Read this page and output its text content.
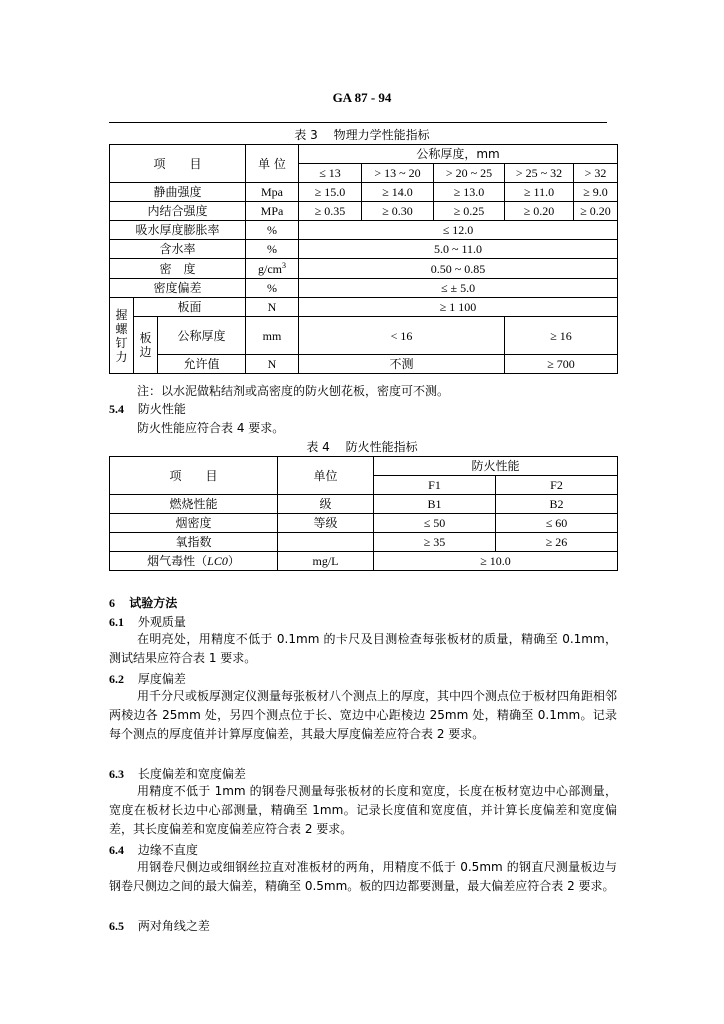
GA 87 - 94
表 3　 物理力学性能指标
项　　目			单 位	公称厚度，mm				
				≤ 13	> 13 ~ 20	> 20 ~ 25	> 25 ~ 32	> 32
静曲强度			Mpa	≥ 15.0	≥ 14.0	≥ 13.0	≥ 11.0	≥ 9.0
内结合强度			MPa	≥ 0.35	≥ 0.30	≥ 0.25	≥ 0.20	≥ 0.20
吸水厚度膨胀率			%	≤ 12.0				
含水率			%	5.0 ~ 11.0				
密　度			$g/cm^3$	0.50 ~ 0.85				
密度偏差			%	≤ ± 5.0				
握螺钉力	板面		N	≥ 1 100				
	板边	公称厚度	mm	< 16			≥ 16	

		允许值	N	不测			≥ 700	
注：以水泥做粘结剂或高密度的防火刨花板，密度可不测。
5.4 防火性能
防火性能应符合表 4 要求。
表 4　 防火性能指标
项　　目	单位	防火性能	
		F1	F2
燃烧性能	级	B1	B2
烟密度	等级	≤ 50	≤ 60
氧指数		≥ 35	≥ 26
烟气毒性（LC0）	mg/L	≥ 10.0	
6 试验方法
6.1 外观质量

在明亮处，用精度不低于 0.1mm 的卡尺及目测检查每张板材的质量，精确至 0.1mm，测试结果应符合表 1 要求。

6.2 厚度偏差

用千分尺或板厚测定仪测量每张板材八个测点上的厚度，其中四个测点位于板材四角距相邻两棱边各 25mm 处，另四个测点位于长、宽边中心距棱边 25mm 处，精确至 0.1mm。记录每个测点的厚度值并计算厚度偏差，其最大厚度偏差应符合表 2 要求。

6.3 长度偏差和宽度偏差

用精度不低于 1mm 的钢卷尺测量每张板材的长度和宽度，长度在板材宽边中心部测量，宽度在板材长边中心部测量，精确至 1mm。记录长度值和宽度值，并计算长度偏差和宽度偏差，其长度偏差和宽度偏差应符合表 2 要求。

6.4 边缘不直度

用钢卷尺侧边或细钢丝拉直对准板材的两角，用精度不低于 0.5mm 的钢直尺测量板边与钢卷尺侧边之间的最大偏差，精确至 0.5mm。板的四边都要测量，最大偏差应符合表 2 要求。

6.5 两对角线之差
